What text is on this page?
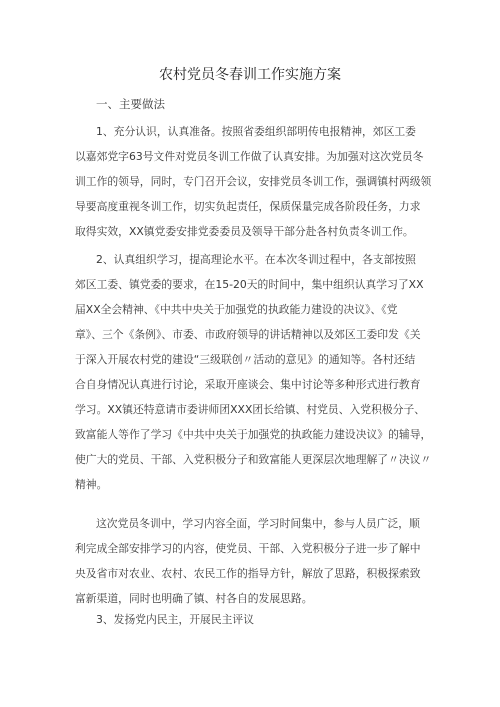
农村党员冬春训工作实施方案
一、主要做法
1、充分认识，认真准备。按照省委组织部明传电报精神，郊区工委
以嘉郊党字63号文件对党员冬训工作做了认真安排。为加强对这次党员冬
训工作的领导，同时，专门召开会议，安排党员冬训工作，强调镇村两级领
导要高度重视冬训工作，切实负起责任，保质保量完成各阶段任务，力求
取得实效，XX镇党委安排党委委员及领导干部分赴各村负责冬训工作。
2、认真组织学习，提高理论水平。在本次冬训过程中，各支部按照
郊区工委、镇党委的要求，在15-20天的时间中，集中组织认真学习了XX
届XX全会精神、《中共中央关于加强党的执政能力建设的决议》、《党
章》、三个《条例》、市委、市政府领导的讲话精神以及郊区工委印发《关
于深入开展农村党的建设“三级联创〃活动的意见》的通知等。各村还结
合自身情况认真进行讨论，采取开座谈会、集中讨论等多种形式进行教育
学习。XX镇还特意请市委讲师团XXX团长给镇、村党员、入党积极分子、
致富能人等作了学习《中共中央关于加强党的执政能力建设决议》的辅导，
使广大的党员、干部、入党积极分子和致富能人更深层次地理解了〃决议〃
精神。
这次党员冬训中，学习内容全面，学习时间集中，参与人员广泛，顺
利完成全部安排学习的内容，使党员、干部、入党积极分子进一步了解中
央及省市对农业、农村、农民工作的指导方针，解放了思路，积极探索致
富新渠道，同时也明确了镇、村各自的发展思路。
3、发扬党内民主，开展民主评议
